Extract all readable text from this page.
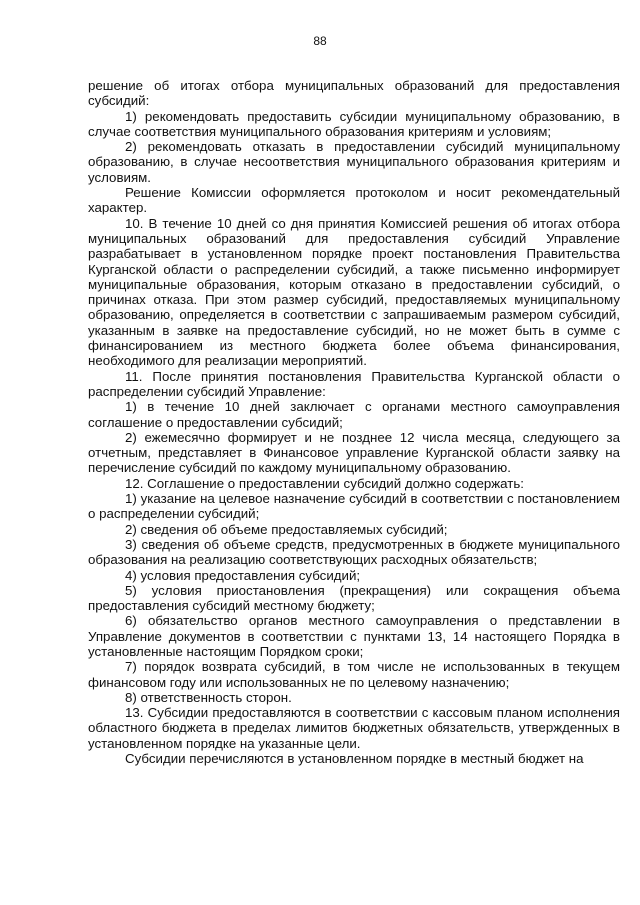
88

решение об итогах отбора муниципальных образований для предоставления субсидий:

1) рекомендовать предоставить субсидии муниципальному образованию, в случае соответствия муниципального образования критериям и условиям;

2) рекомендовать отказать в предоставлении субсидий муниципальному образованию, в случае несоответствия муниципального образования критериям и условиям.

Решение Комиссии оформляется протоколом и носит рекомендательный характер.

10. В течение 10 дней со дня принятия Комиссией решения об итогах отбора муниципальных образований для предоставления субсидий Управление разрабатывает в установленном порядке проект постановления Правительства Курганской области о распределении субсидий, а также письменно информирует муниципальные образования, которым отказано в предоставлении субсидий, о причинах отказа. При этом размер субсидий, предоставляемых муниципальному образованию, определяется в соответствии с запрашиваемым размером субсидий, указанным в заявке на предоставление субсидий, но не может быть в сумме с финансированием из местного бюджета более объема финансирования, необходимого для реализации мероприятий.

11. После принятия постановления Правительства Курганской области о распределении субсидий Управление:

1) в течение 10 дней заключает с органами местного самоуправления соглашение о предоставлении субсидий;

2) ежемесячно формирует и не позднее 12 числа месяца, следующего за отчетным, представляет в Финансовое управление Курганской области заявку на перечисление субсидий по каждому муниципальному образованию.

12. Соглашение о предоставлении субсидий должно содержать:

1) указание на целевое назначение субсидий в соответствии с постановлением о распределении субсидий;

2) сведения об объеме предоставляемых субсидий;

3) сведения об объеме средств, предусмотренных в бюджете муниципального образования на реализацию соответствующих расходных обязательств;

4) условия предоставления субсидий;

5) условия приостановления (прекращения) или сокращения объема предоставления субсидий местному бюджету;

6) обязательство органов местного самоуправления о представлении в Управление документов в соответствии с пунктами 13, 14 настоящего Порядка в установленные настоящим Порядком сроки;

7) порядок возврата субсидий, в том числе не использованных в текущем финансовом году или использованных не по целевому назначению;

8) ответственность сторон.

13. Субсидии предоставляются в соответствии с кассовым планом исполнения областного бюджета в пределах лимитов бюджетных обязательств, утвержденных в установленном порядке на указанные цели.

Субсидии перечисляются в установленном порядке в местный бюджет на
